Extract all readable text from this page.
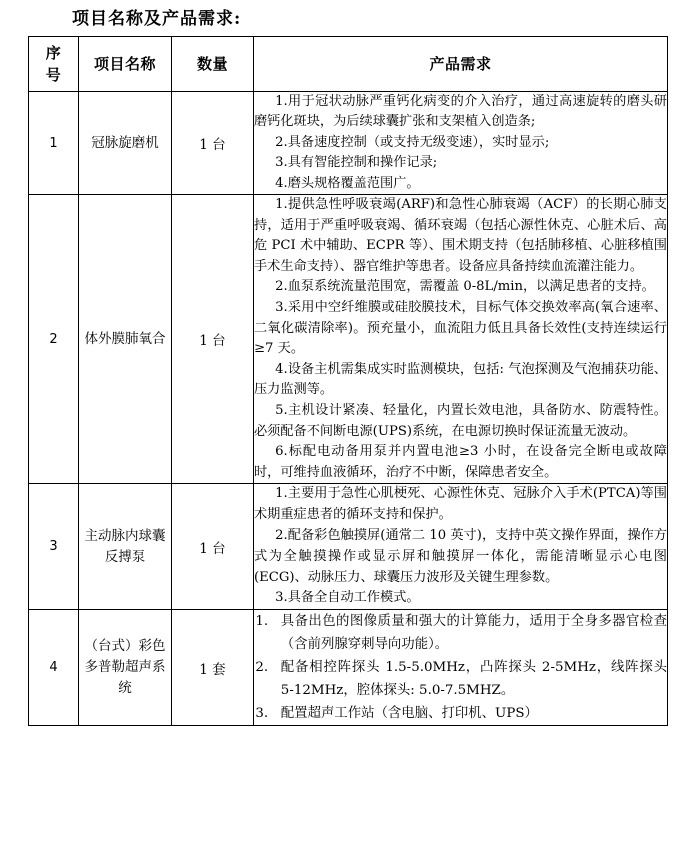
项目名称及产品需求:
序
号	项目名称	数量	产品需求
1	冠脉旋磨机	1 台	
1.用于冠状动脉严重钙化病变的介入治疗，通过高速旋转的磨头研磨钙化斑块，为后续球囊扩张和支架植入创造条;
2.具备速度控制（或支持无级变速），实时显示;
3.具有智能控制和操作记录;
4.磨头规格覆盖范围广。

2	体外膜肺氧合	1 台	
1.提供急性呼吸衰竭(ARF)和急性心肺衰竭（ACF）的长期心肺支持，适用于严重呼吸衰竭、循环衰竭（包括心源性休克、心脏术后、高危 PCI 术中辅助、ECPR 等）、围术期支持（包括肺移植、心脏移植围手术生命支持）、器官维护等患者。设备应具备持续血流灌注能力。
2.血泵系统流量范围宽，需覆盖 0-8L/min，以满足患者的支持。
3.采用中空纤维膜或硅胶膜技术，目标气体交换效率高(氧合速率、二氧化碳清除率)。预充量小，血流阻力低且具备长效性(支持连续运行≥7 天。
4.设备主机需集成实时监测模块，包括: 气泡探测及气泡捕获功能、压力监测等。
5.主机设计紧凑、轻量化，内置长效电池，具备防水、防震特性。必须配备不间断电源(UPS)系统，在电源切换时保证流量无波动。
6.标配电动备用泵并内置电池≥3 小时，在设备完全断电或故障时，可维持血液循环，治疗不中断，保障患者安全。

3	主动脉内球囊反搏泵	1 台	
1.主要用于急性心肌梗死、心源性休克、冠脉介入手术(PTCA)等围术期重症患者的循环支持和保护。
2.配备彩色触摸屏(通常二 10 英寸)，支持中英文操作界面，操作方式为全触摸操作或显示屏和触摸屏一体化，需能清晰显示心电图(ECG)、动脉压力、球囊压力波形及关键生理参数。
3.具备全自动工作模式。

4	（台式）彩色多普勒超声系统	1 套	
1. 具备出色的图像质量和强大的计算能力，适用于全身多器官检查（含前列腺穿刺导向功能）。
2. 配备相控阵探头 1.5-5.0MHz，凸阵探头 2-5MHz，线阵探头 5-12MHz，腔体探头: 5.0-7.5MHZ。
3. 配置超声工作站（含电脑、打印机、UPS）
